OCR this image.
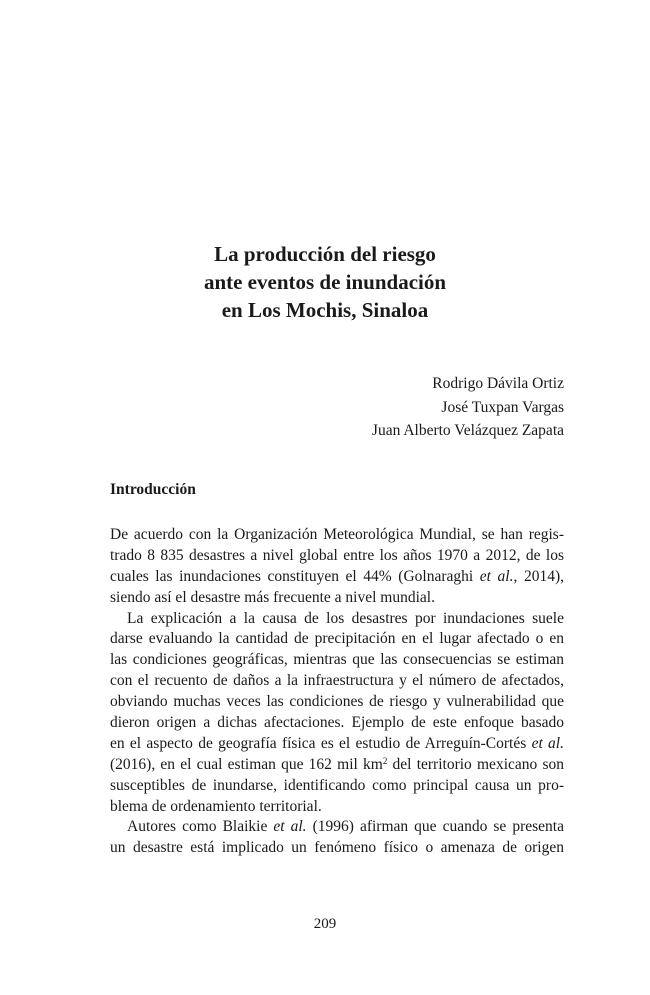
La producción del riesgo
ante eventos de inundación
en Los Mochis, Sinaloa
Rodrigo Dávila Ortiz
José Tuxpan Vargas
Juan Alberto Velázquez Zapata
Introducción
De acuerdo con la Organización Meteorológica Mundial, se han regis-
trado 8 835 desastres a nivel global entre los años 1970 a 2012, de los
cuales las inundaciones constituyen el 44% (Golnaraghi et al., 2014),
siendo así el desastre más frecuente a nivel mundial.
La explicación a la causa de los desastres por inundaciones suele
darse evaluando la cantidad de precipitación en el lugar afectado o en
las condiciones geográficas, mientras que las consecuencias se estiman
con el recuento de daños a la infraestructura y el número de afectados,
obviando muchas veces las condiciones de riesgo y vulnerabilidad que
dieron origen a dichas afectaciones. Ejemplo de este enfoque basado
en el aspecto de geografía física es el estudio de Arreguín-Cortés et al.
(2016), en el cual estiman que 162 mil $km^2$ del territorio mexicano son
susceptibles de inundarse, identificando como principal causa un pro-
blema de ordenamiento territorial.
Autores como Blaikie et al. (1996) afirman que cuando se presenta
un desastre está implicado un fenómeno físico o amenaza de origen
209
